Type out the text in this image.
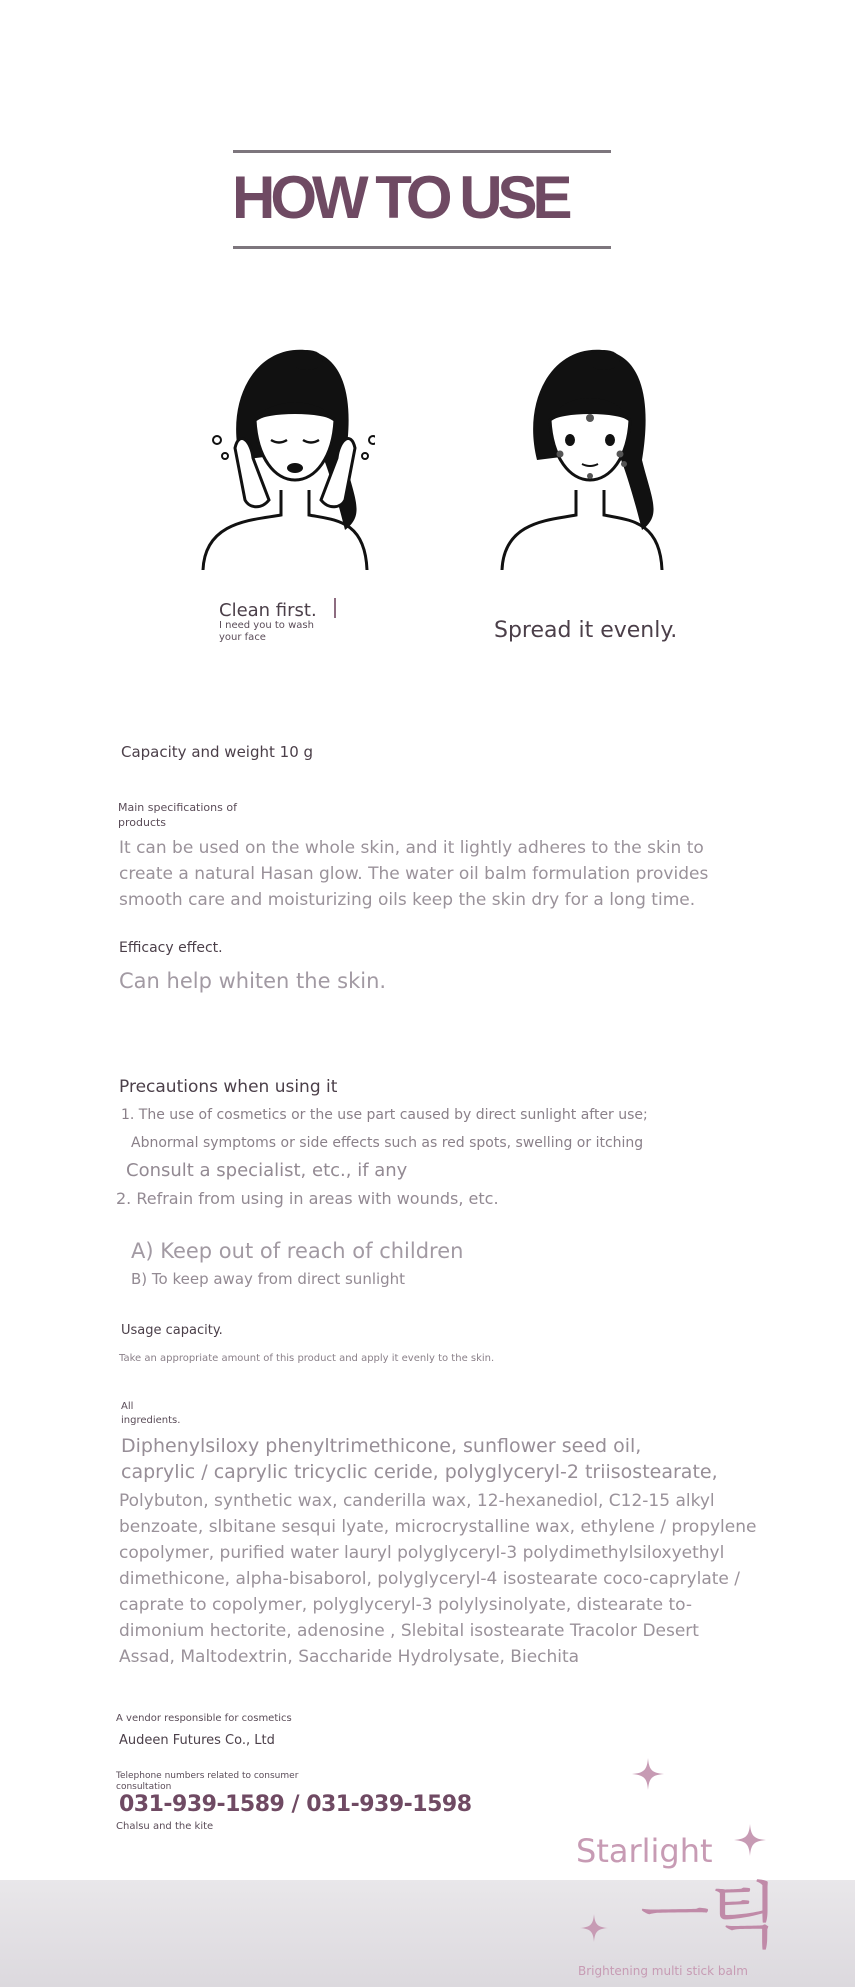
HOW TO USE
Clean first.
I need you to wash your face	Spread it evenly.
Capacity and weight 10 g
Main specifications of products
It can be used on the whole skin, and it lightly adheres to the skin to create a natural Hasan glow. The water oil balm formulation provides smooth care and moisturizing oils keep the skin dry for a long time.
Efficacy effect.
Can help whiten the skin.
Precautions when using it
1. The use of cosmetics or the use part caused by direct sunlight after use;
Abnormal symptoms or side effects such as red spots, swelling or itching
Consult a specialist, etc., if any
2. Refrain from using in areas with wounds, etc.
A) Keep out of reach of children
B) To keep away from direct sunlight
Usage capacity.
Take an appropriate amount of this product and apply it evenly to the skin.
All ingredients.
Diphenylsiloxy phenyltrimethicone, sunflower seed oil, caprylic / caprylic tricyclic ceride, polyglyceryl-2 triisostearate,
Polybuton, synthetic wax, canderilla wax, 12-hexanediol, C12-15 alkyl benzoate, slbitane sesqui lyate, microcrystalline wax, ethylene / propylene copolymer, purified water lauryl polyglyceryl-3 polydimethylsiloxyethyl dimethicone, alpha-bisaborol, polyglyceryl-4 isostearate coco-caprylate / caprate to copolymer, polyglyceryl-3 polylysinolyate, distearate to-dimonium hectorite, adenosine , Slebital isostearate Tracolor Desert Assad, Maltodextrin, Saccharide Hydrolysate, Biechita
A vendor responsible for cosmetics
Audeen Futures Co., Ltd
Telephone numbers related to consumer consultation
031-939-1589 / 031-939-1598
Chalsu and the kite
Starlight
ㅡ틱
Brightening multi stick balm
